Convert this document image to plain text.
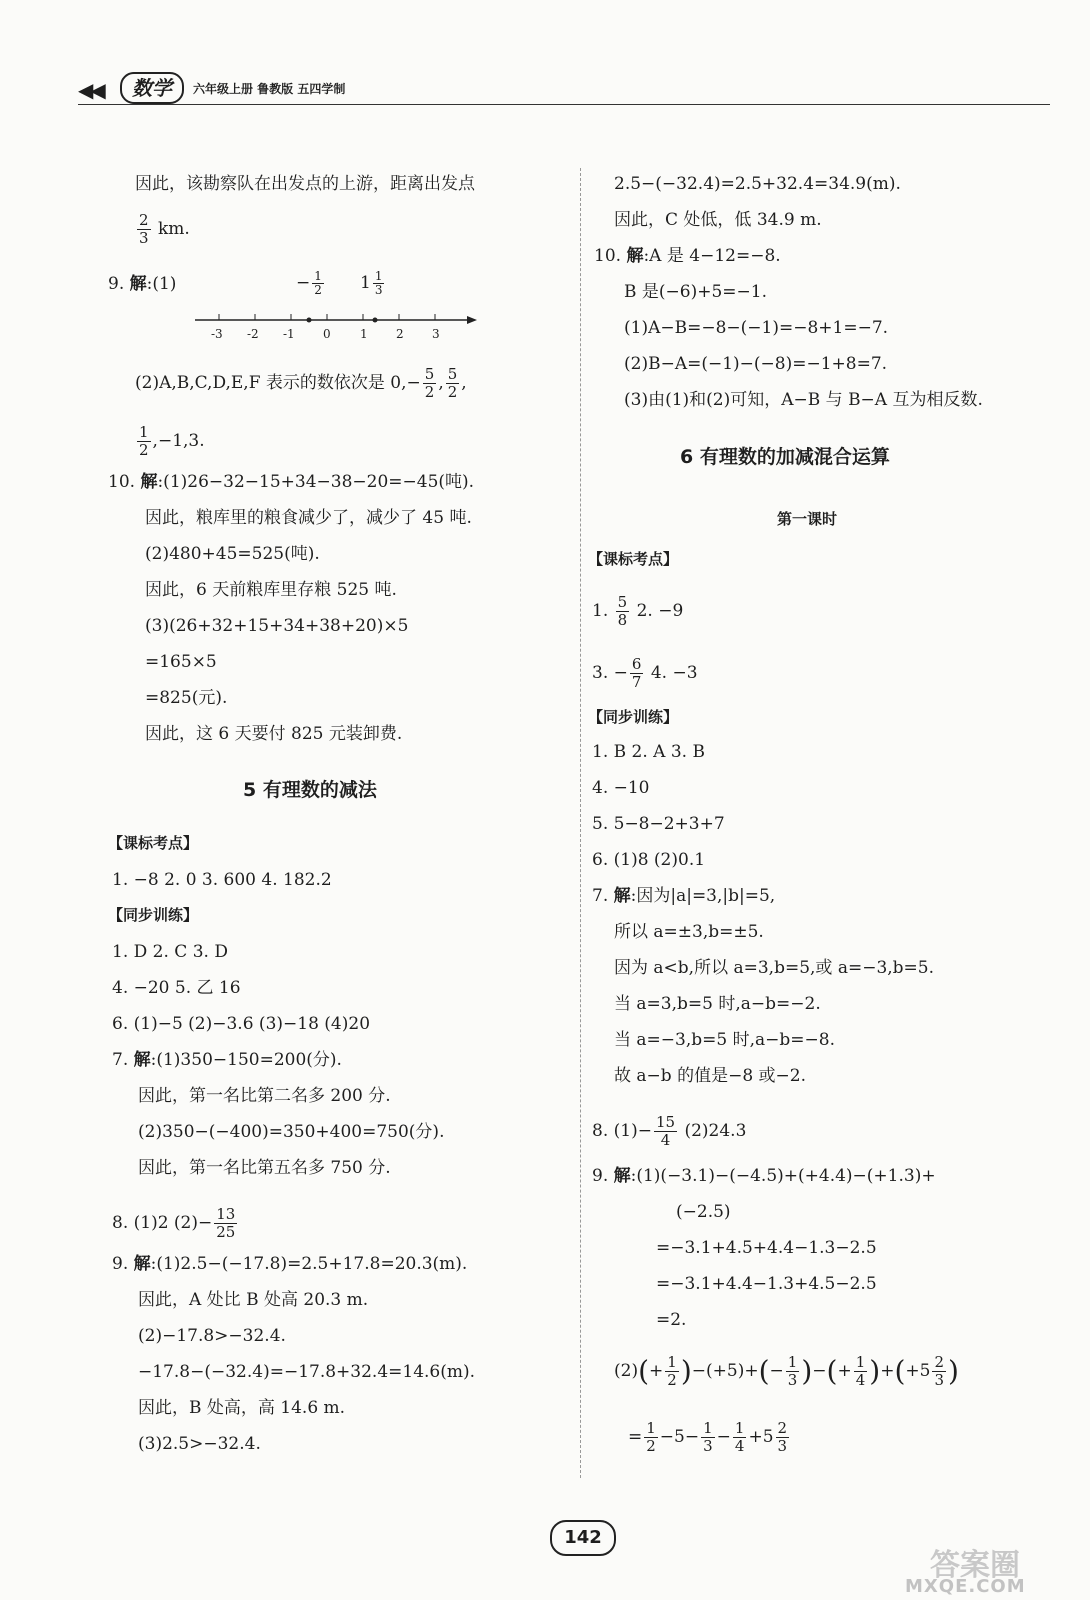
◀◀	数学	六年级上册 鲁教版 五四学制
因此，该勘察队在出发点的上游，距离出发点
$\frac{2}{3}$ km.
9. 解:(1)
-3 -2 -1 0 1 2 3
− $\frac{1}{2} 1 \frac{1}{3}$
(2)A,B,C,D,E,F 表示的数依次是 $0,- \frac{5}{2}$ , $\frac{5}{2}$ ,
$\frac{1}{2} ,-1,3$.
10. 解:(1)26−32−15+34−38−20=−45(吨).
因此，粮库里的粮食减少了，减少了 45 吨.
(2)480+45=525(吨).
因此，6 天前粮库里存粮 525 吨.
(3)(26+32+15+34+38+20)×5
=165×5
=825(元).
因此，这 6 天要付 825 元装卸费.
5 有理数的减法
【课标考点】
1. −8 2. 0 3. 600 4. 182.2
【同步训练】
1. D 2. C 3. D
4. −20 5. 乙 16
6. (1)−5 (2)−3.6 (3)−18 (4)20
7. 解:(1)350−150=200(分).
因此，第一名比第二名多 200 分.
(2)350−(−400)=350+400=750(分).
因此，第一名比第五名多 750 分.
8. (1)2 $(2)- \frac{13}{25}$
9. 解:(1)2.5−(−17.8)=2.5+17.8=20.3(m).
因此，A 处比 B 处高 20.3 m.
(2)−17.8>−32.4.
−17.8−(−32.4)=−17.8+32.4=14.6(m).
因此，B 处高，高 14.6 m.
(3)2.5>−32.4.
2.5−(−32.4)=2.5+32.4=34.9(m).
因此，C 处低，低 34.9 m.
10. 解:A 是 4−12=−8.
B 是(−6)+5=−1.
(1)A−B=−8−(−1)=−8+1=−7.
(2)B−A=(−1)−(−8)=−1+8=7.
(3)由(1)和(2)可知，A−B 与 B−A 互为相反数.
6 有理数的加减混合运算
第一课时
【课标考点】
1. $\frac{5}{8} 2$. −9
3. − $\frac{6}{7} 4$. −3
【同步训练】
1. B 2. A 3. B
4. −10
5. 5−8−2+3+7
6. (1)8 (2)0.1
7. 解:因为|a|=3,|b|=5,
所以 a=±3,b=±5.
因为 a<b,所以 a=3,b=5,或 a=−3,b=5.
当 a=3,b=5 时,a−b=−2.
当 a=−3,b=5 时,a−b=−8.
故 a−b 的值是−8 或−2.
8. $(1)- \frac{15}{4} (2)24.3$
9. 解:(1)(−3.1)−(−4.5)+(+4.4)−(+1.3)+
(−2.5)
=−3.1+4.5+4.4−1.3−2.5
=−3.1+4.4−1.3+4.5−2.5
=2.
$(2)(+ \frac{1}{2} )-(+5)+(- \frac{1}{3}$ )−(+ $\frac{1}{4} )+(+5 \frac{2}{3}$ )
= $\frac{1}{2} -5- \frac{1}{3} - \frac{1}{4} +5 \frac{2}{3}$
142
答案圈
MXQE.COM
